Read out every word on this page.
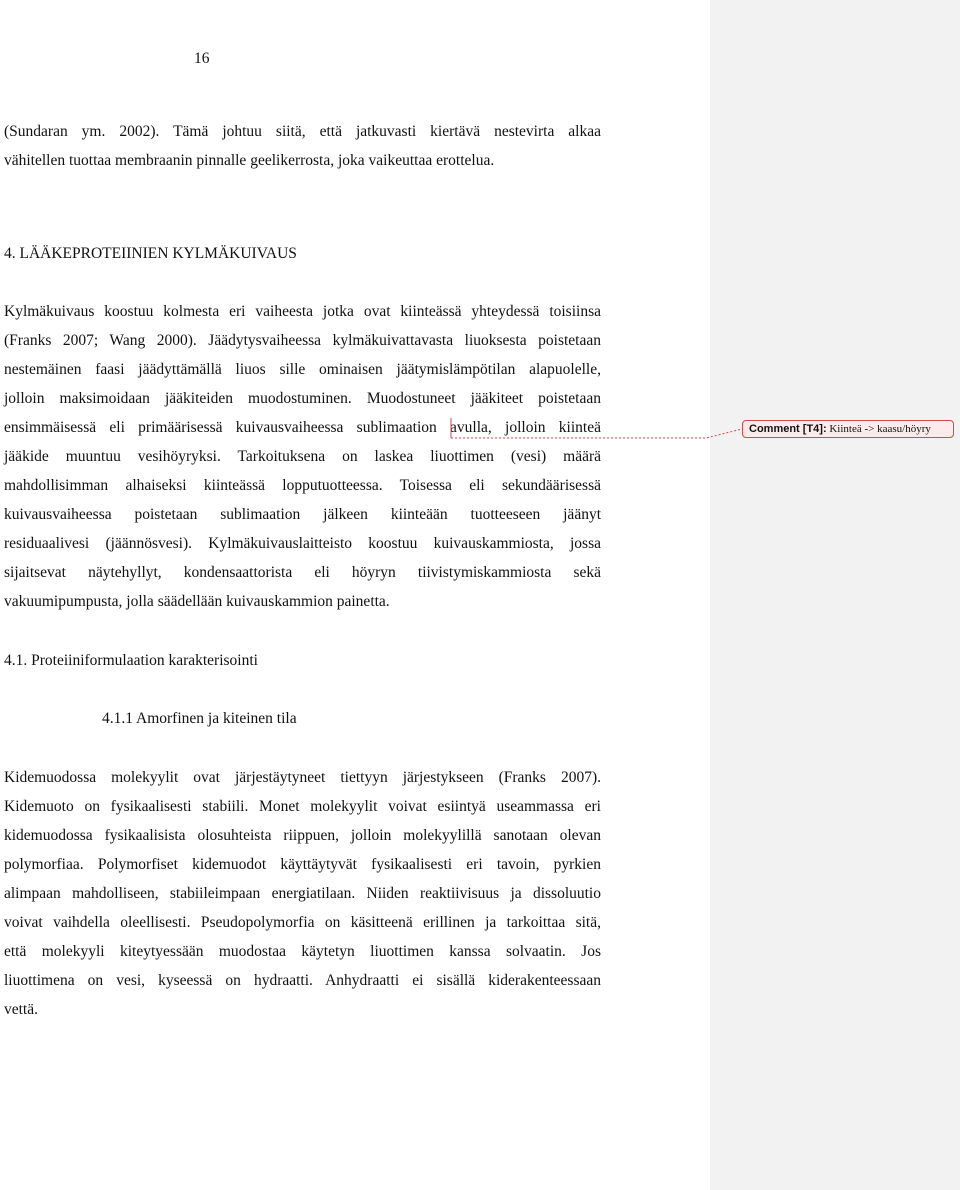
16
(Sundaran ym. 2002). Tämä johtuu siitä, että jatkuvasti kiertävä nestevirta alkaa
vähitellen tuottaa membraanin pinnalle geelikerrosta, joka vaikeuttaa erottelua.
4. LÄÄKEPROTEIINIEN KYLMÄKUIVAUS
Kylmäkuivaus koostuu kolmesta eri vaiheesta jotka ovat kiinteässä yhteydessä toisiinsa
(Franks 2007; Wang 2000). Jäädytysvaiheessa kylmäkuivattavasta liuoksesta poistetaan
nestemäinen faasi jäädyttämällä liuos sille ominaisen jäätymislämpötilan alapuolelle,
jolloin maksimoidaan jääkiteiden muodostuminen. Muodostuneet jääkiteet poistetaan
ensimmäisessä eli primäärisessä kuivausvaiheessa sublimaation avulla, jolloin kiinteä
jääkide muuntuu vesihöyryksi. Tarkoituksena on laskea liuottimen (vesi) määrä
mahdollisimman alhaiseksi kiinteässä lopputuotteessa. Toisessa eli sekundäärisessä
kuivausvaiheessa poistetaan sublimaation jälkeen kiinteään tuotteeseen jäänyt
residuaalivesi (jäännösvesi). Kylmäkuivauslaitteisto koostuu kuivauskammiosta, jossa
sijaitsevat näytehyllyt, kondensaattorista eli höyryn tiivistymiskammiosta sekä
vakuumipumpusta, jolla säädellään kuivauskammion painetta.
4.1. Proteiiniformulaation karakterisointi
4.1.1 Amorfinen ja kiteinen tila
Kidemuodossa molekyylit ovat järjestäytyneet tiettyyn järjestykseen (Franks 2007).
Kidemuoto on fysikaalisesti stabiili. Monet molekyylit voivat esiintyä useammassa eri
kidemuodossa fysikaalisista olosuhteista riippuen, jolloin molekyylillä sanotaan olevan
polymorfiaa. Polymorfiset kidemuodot käyttäytyvät fysikaalisesti eri tavoin, pyrkien
alimpaan mahdolliseen, stabiileimpaan energiatilaan. Niiden reaktiivisuus ja dissoluutio
voivat vaihdella oleellisesti. Pseudopolymorfia on käsitteenä erillinen ja tarkoittaa sitä,
että molekyyli kiteytyessään muodostaa käytetyn liuottimen kanssa solvaatin. Jos
liuottimena on vesi, kyseessä on hydraatti. Anhydraatti ei sisällä kiderakenteessaan
vettä.
Comment [T4]: Kiinteä -> kaasu/höyry
